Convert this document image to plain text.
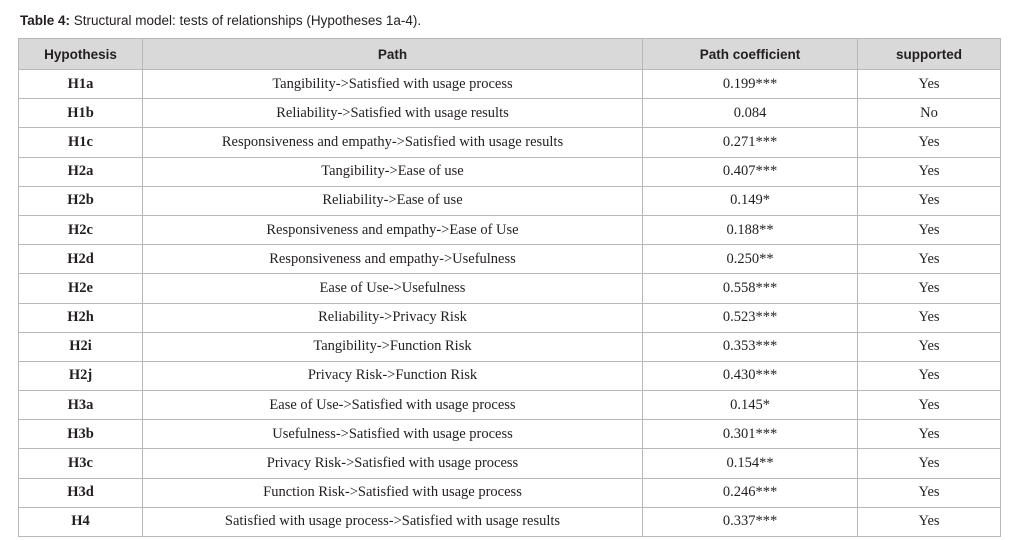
Table 4: Structural model: tests of relationships (Hypotheses 1a-4).
Hypothesis	Path	Path coefficient	supported
H1a	Tangibility->Satisfied with usage process	0.199***	Yes
H1b	Reliability->Satisfied with usage results	0.084	No
H1c	Responsiveness and empathy->Satisfied with usage results	0.271***	Yes
H2a	Tangibility->Ease of use	0.407***	Yes
H2b	Reliability->Ease of use	0.149*	Yes
H2c	Responsiveness and empathy->Ease of Use	0.188**	Yes
H2d	Responsiveness and empathy->Usefulness	0.250**	Yes
H2e	Ease of Use->Usefulness	0.558***	Yes
H2h	Reliability->Privacy Risk	0.523***	Yes
H2i	Tangibility->Function Risk	0.353***	Yes
H2j	Privacy Risk->Function Risk	0.430***	Yes
H3a	Ease of Use->Satisfied with usage process	0.145*	Yes
H3b	Usefulness->Satisfied with usage process	0.301***	Yes
H3c	Privacy Risk->Satisfied with usage process	0.154**	Yes
H3d	Function Risk->Satisfied with usage process	0.246***	Yes
H4	Satisfied with usage process->Satisfied with usage results	0.337***	Yes
